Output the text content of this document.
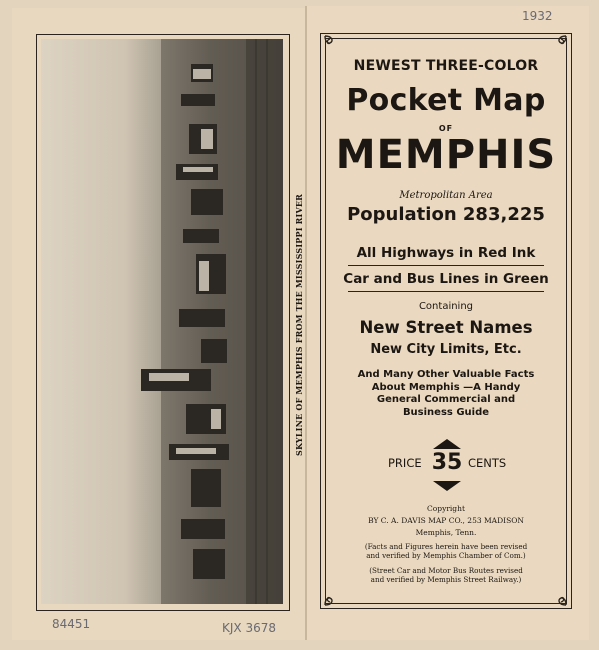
SKYLINE OF MEMPHIS FROM THE MISSISSIPPI RIVER
NEWEST THREE-COLOR
Pocket Map
OF
MEMPHIS
Metropolitan Area
Population 283,225
All Highways in Red Ink
Car and Bus Lines in Green
Containing
New Street Names
New City Limits, Etc.
And Many Other Valuable Facts
About Memphis —A Handy
General Commercial and
Business Guide
PRICE 35 CENTS
Copyright
BY C. A. DAVIS MAP CO., 253 MADISON
Memphis, Tenn.
(Facts and Figures herein have been revised
and verified by Memphis Chamber of Com.)
(Street Car and Motor Bus Routes revised
and verified by Memphis Street Railway.)
1932
84451	KJX 3678
